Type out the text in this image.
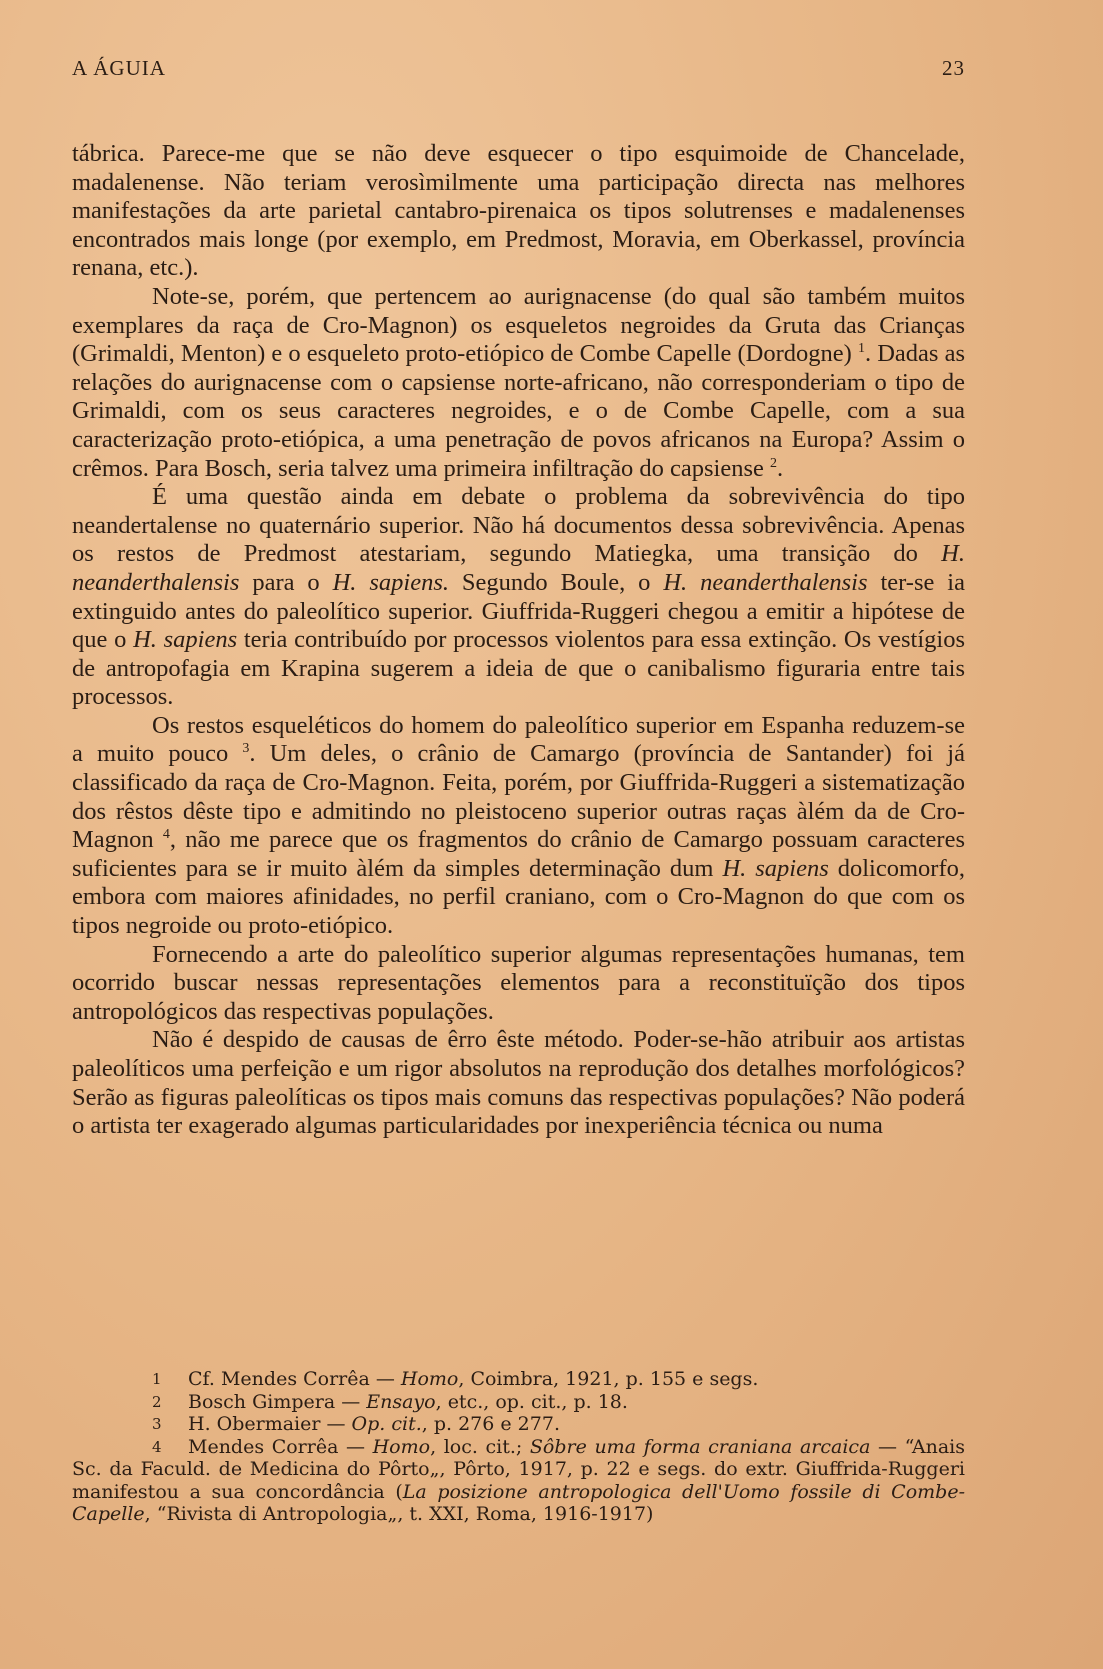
A ÁGUIA	23

tábrica. Parece-me que se não deve esquecer o tipo esquimoide de Chancelade, madalenense. Não teriam verosìmilmente uma participação directa nas melhores manifestações da arte parietal cantabro-pirenaica os tipos solutrenses e madalenenses encontrados mais longe (por exemplo, em Predmost, Moravia, em Oberkassel, província renana, etc.).

Note-se, porém, que pertencem ao aurignacense (do qual são também muitos exemplares da raça de Cro-Magnon) os esqueletos negroides da Gruta das Crianças (Grimaldi, Menton) e o esqueleto proto-etiópico de Combe Capelle (Dordogne) $^1$. Dadas as relações do aurignacense com o capsiense norte-africano, não corresponderiam o tipo de Grimaldi, com os seus caracteres negroides, e o de Combe Capelle, com a sua caracterização proto-etiópica, a uma penetração de povos africanos na Europa? Assim o crêmos. Para Bosch, seria talvez uma primeira infiltração do capsiense $^2$.

É uma questão ainda em debate o problema da sobrevivência do tipo neandertalense no quaternário superior. Não há documentos dessa sobrevivência. Apenas os restos de Predmost atestariam, segundo Matiegka, uma transição do H. neanderthalensis para o H. sapiens. Segundo Boule, o H. neanderthalensis ter-se ia extinguido antes do paleolítico superior. Giuffrida-Ruggeri chegou a emitir a hipótese de que o H. sapiens teria contribuído por processos violentos para essa extinção. Os vestígios de antropofagia em Krapina sugerem a ideia de que o canibalismo figuraria entre tais processos.

Os restos esqueléticos do homem do paleolítico superior em Espanha reduzem-se a muito pouco $^3$. Um deles, o crânio de Camargo (província de Santander) foi já classificado da raça de Cro-Magnon. Feita, porém, por Giuffrida-Ruggeri a sistematização dos rêstos dêste tipo e admitindo no pleistoceno superior outras raças àlém da de Cro-Magnon $^4$, não me parece que os fragmentos do crânio de Camargo possuam caracteres suficientes para se ir muito àlém da simples determinação dum H. sapiens dolicomorfo, embora com maiores afinidades, no perfil craniano, com o Cro-Magnon do que com os tipos negroide ou proto-etiópico.

Fornecendo a arte do paleolítico superior algumas representações humanas, tem ocorrido buscar nessas representações elementos para a reconstituïção dos tipos antropológicos das respectivas populações.

Não é despido de causas de êrro êste método. Poder-se-hão atribuir aos artistas paleolíticos uma perfeição e um rigor absolutos na reprodução dos detalhes morfológicos? Serão as figuras paleolíticas os tipos mais comuns das respectivas populações? Não poderá o artista ter exagerado algumas particularidades por inexperiência técnica ou numa

1 Cf. Mendes Corrêa — Homo, Coimbra, 1921, p. 155 e segs.

2 Bosch Gimpera — Ensayo, etc., op. cit., p. 18.

3 H. Obermaier — Op. cit., p. 276 e 277.

4 Mendes Corrêa — Homo, loc. cit.; Sôbre uma forma craniana arcaica — “Anais Sc. da Faculd. de Medicina do Pôrto„, Pôrto, 1917, p. 22 e segs. do extr. Giuffrida-Ruggeri manifestou a sua concordância (La posizione antropologica dell'Uomo fossile di Combe-Capelle, “Rivista di Antropologia„, t. XXI, Roma, 1916-1917)
